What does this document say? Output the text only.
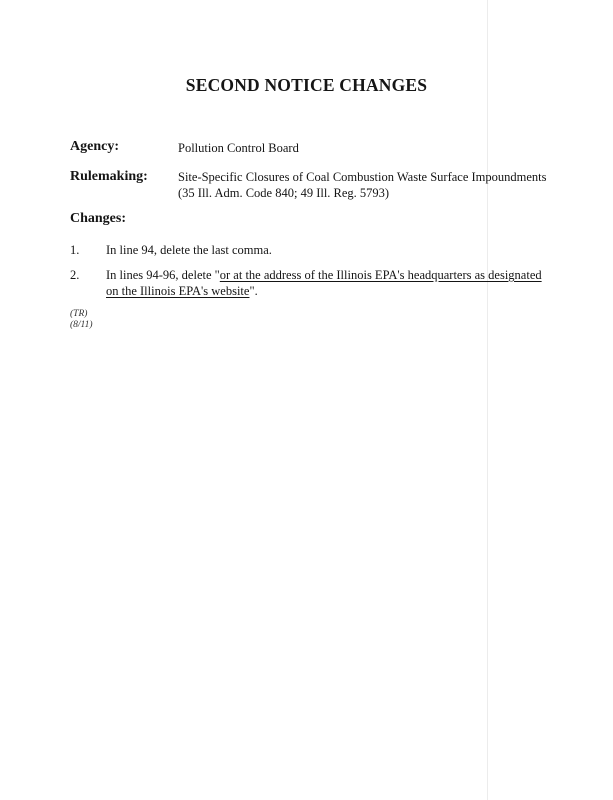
SECOND NOTICE CHANGES
Agency:	Pollution Control Board
Rulemaking: Site-Specific Closures of Coal Combustion Waste Surface Impoundments
(35 Ill. Adm. Code 840; 49 Ill. Reg. 5793)
Changes:
1. In line 94, delete the last comma.
2. In lines 94-96, delete "or at the address of the Illinois EPA's headquarters as designated
on the Illinois EPA's website".
(TR)
(8/11)
